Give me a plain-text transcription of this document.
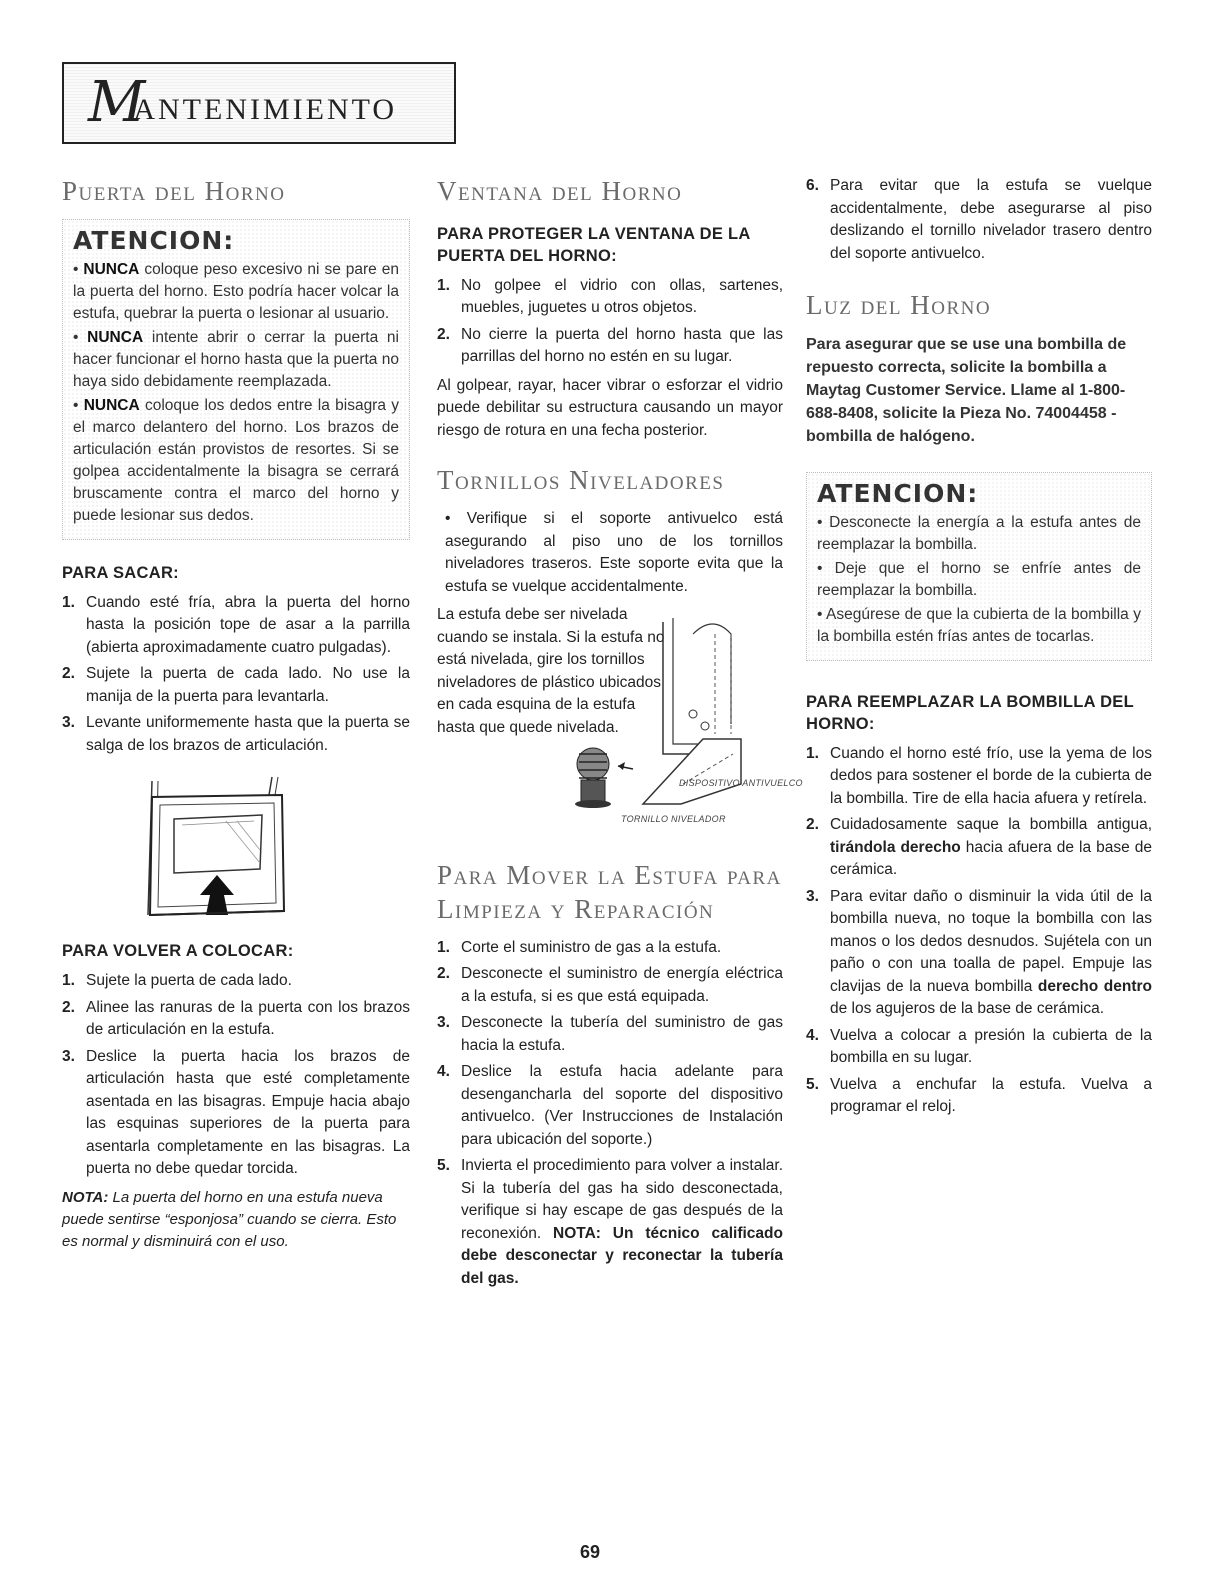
M
ANTENIMIENTO
Puerta del Horno
ATENCION:
• NUNCA coloque peso excesivo ni se pare en la puerta del horno. Esto podría hacer volcar la estufa, quebrar la puerta o lesionar al usuario.
• NUNCA intente abrir o cerrar la puerta ni hacer funcionar el horno hasta que la puerta no haya sido debidamente reemplazada.
• NUNCA coloque los dedos entre la bisagra y el marco delantero del horno. Los brazos de articulación están provistos de resortes. Si se golpea accidentalmente la bisagra se cerrará bruscamente contra el marco del horno y puede lesionar sus dedos.
PARA SACAR:
1. Cuando esté fría, abra la puerta del horno hasta la posición tope de asar a la parrilla (abierta aproximadamente cuatro pulgadas).
2. Sujete la puerta de cada lado. No use la manija de la puerta para levantarla.
3. Levante uniformemente hasta que la puerta se salga de los brazos de articulación.
PARA VOLVER A COLOCAR:
1. Sujete la puerta de cada lado.
2. Alinee las ranuras de la puerta con los brazos de articulación en la estufa.
3. Deslice la puerta hacia los brazos de articulación hasta que esté completamente asentada en las bisagras. Empuje hacia abajo las esquinas superiores de la puerta para asentarla completamente en las bisagras. La puerta no debe quedar torcida.
NOTA: La puerta del horno en una estufa nueva puede sentirse “esponjosa” cuando se cierra. Esto es normal y disminuirá con el uso.
Ventana del Horno
PARA PROTEGER LA VENTANA DE LA PUERTA DEL HORNO:
1. No golpee el vidrio con ollas, sartenes, muebles, juguetes u otros objetos.
2. No cierre la puerta del horno hasta que las parrillas del horno no estén en su lugar.

Al golpear, rayar, hacer vibrar o esforzar el vidrio puede debilitar su estructura causando un mayor riesgo de rotura en una fecha posterior.

Tornillos Niveladores

• Verifique si el soporte antivuelco está asegurando al piso uno de los tornillos niveladores traseros. Este soporte evita que la estufa se vuelque accidentalmente.

La estufa debe ser nivelada cuando se instala. Si la estufa no está nivelada, gire los tornillos niveladores de plástico ubicados en cada esquina de la estufa hasta que quede nivelada.
DISPOSITIVO ANTIVUELCO
TORNILLO NIVELADOR
Para Mover la Estufa para Limpieza y Reparación
1. Corte el suministro de gas a la estufa.
2. Desconecte el suministro de energía eléctrica a la estufa, si es que está equipada.
3. Desconecte la tubería del suministro de gas hacia la estufa.
4. Deslice la estufa hacia adelante para desengancharla del soporte del dispositivo antivuelco. (Ver Instrucciones de Instalación para ubicación del soporte.)
5. Invierta el procedimiento para volver a instalar. Si la tubería del gas ha sido desconectada, verifique si hay escape de gas después de la reconexión. NOTA: Un técnico calificado debe desconectar y reconectar la tubería del gas.
6. Para evitar que la estufa se vuelque accidentalmente, debe asegurarse al piso deslizando el tornillo nivelador trasero dentro del soporte antivuelco.
Luz del Horno

Para asegurar que se use una bombilla de repuesto correcta, solicite la bombilla a Maytag Customer Service. Llame al 1-800-688-8408, solicite la Pieza No. 74004458 - bombilla de halógeno.

ATENCION:
• Desconecte la energía a la estufa antes de reemplazar la bombilla.
• Deje que el horno se enfríe antes de reemplazar la bombilla.
• Asegúrese de que la cubierta de la bombilla y la bombilla estén frías antes de tocarlas.
PARA REEMPLAZAR LA BOMBILLA DEL HORNO:
1. Cuando el horno esté frío, use la yema de los dedos para sostener el borde de la cubierta de la bombilla. Tire de ella hacia afuera y retírela.
2. Cuidadosamente saque la bombilla antigua, tirándola derecho hacia afuera de la base de cerámica.
3. Para evitar daño o disminuir la vida útil de la bombilla nueva, no toque la bombilla con las manos o los dedos desnudos. Sujétela con un paño o con una toalla de papel. Empuje las clavijas de la nueva bombilla derecho dentro de los agujeros de la base de cerámica.
4. Vuelva a colocar a presión la cubierta de la bombilla en su lugar.
5. Vuelva a enchufar la estufa. Vuelva a programar el reloj.
69
